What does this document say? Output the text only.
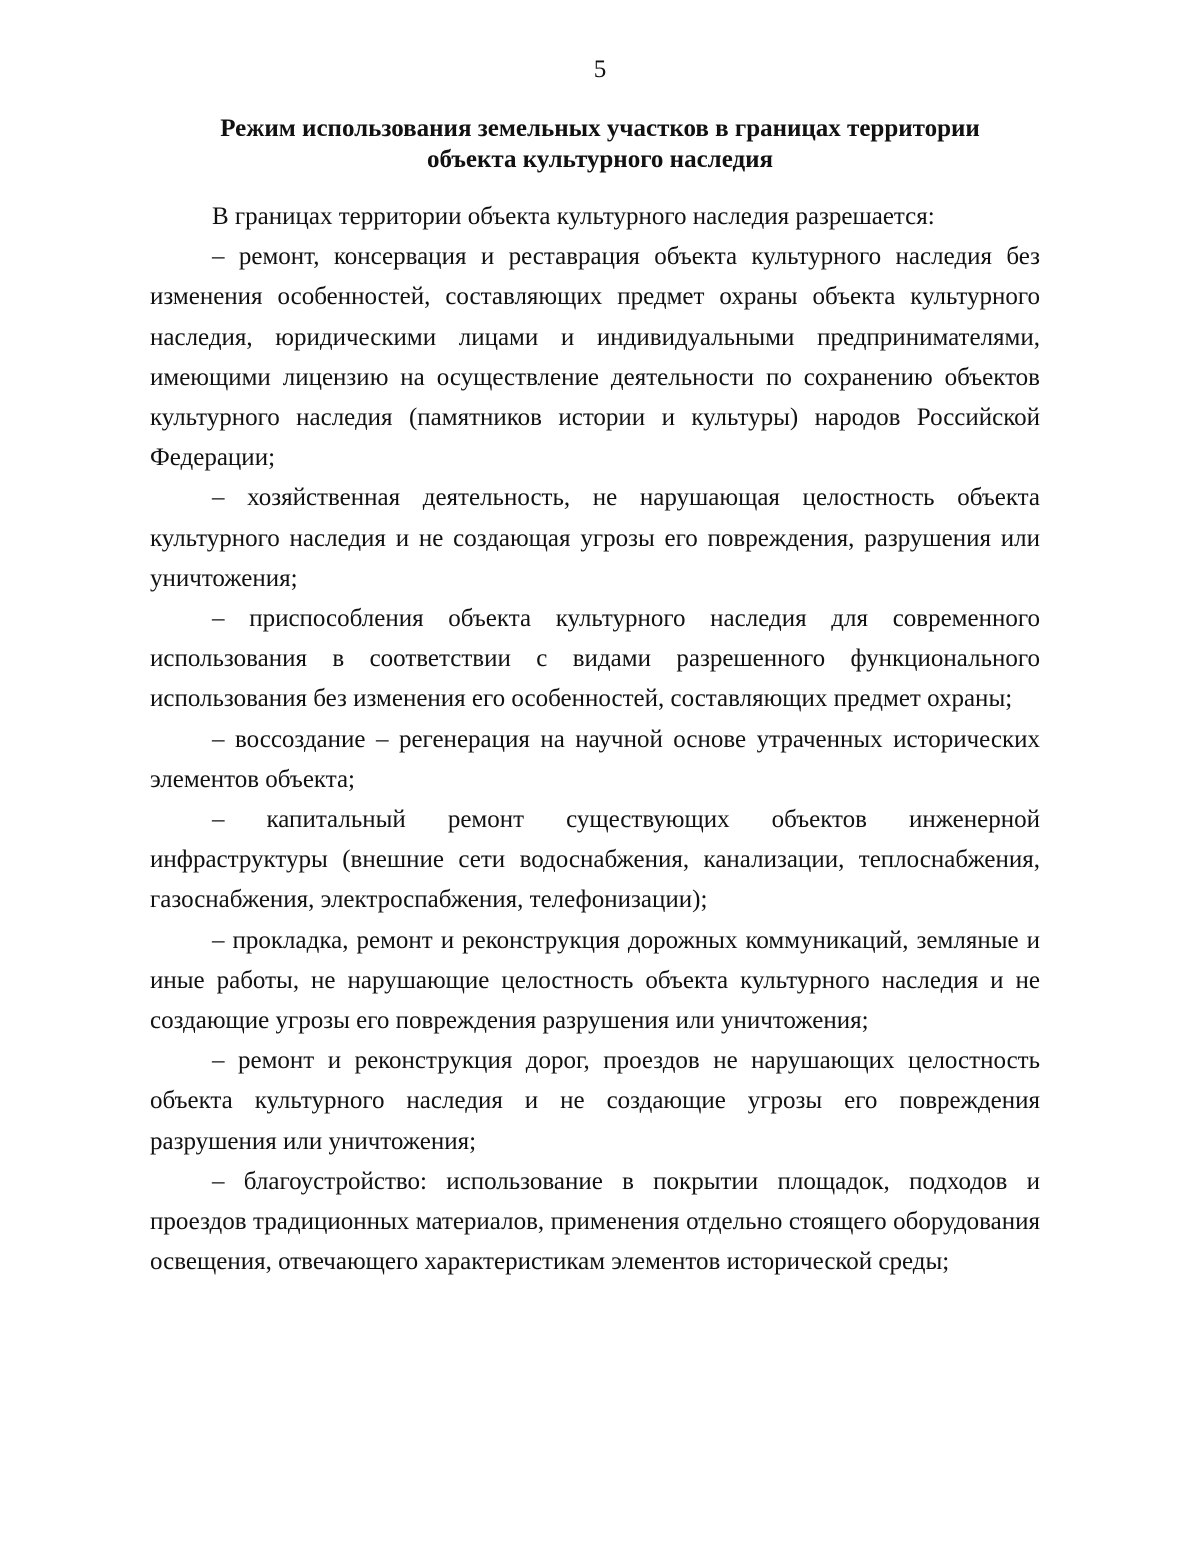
5
Режим использования земельных участков в границах территории
объекта культурного наследия

В границах территории объекта культурного наследия разрешается:

– ремонт, консервация и реставрация объекта культурного наследия без изменения особенностей, составляющих предмет охраны объекта культурного наследия, юридическими лицами и индивидуальными предпринимателями, имеющими лицензию на осуществление деятельности по сохранению объектов культурного наследия (памятников истории и культуры) народов Российской Федерации;

– хозяйственная деятельность, не нарушающая целостность объекта культурного наследия и не создающая угрозы его повреждения, разрушения или уничтожения;

– приспособления объекта культурного наследия для современного использования в соответствии с видами разрешенного функционального использования без изменения его особенностей, составляющих предмет охраны;

– воссоздание – регенерация на научной основе утраченных исторических элементов объекта;

– капитальный ремонт существующих объектов инженерной инфраструктуры (внешние сети водоснабжения, канализации, теплоснабжения, газоснабжения, электроспабжения, телефонизации);

– прокладка, ремонт и реконструкция дорожных коммуникаций, земляные и иные работы, не нарушающие целостность объекта культурного наследия и не создающие угрозы его повреждения разрушения или уничтожения;

– ремонт и реконструкция дорог, проездов не нарушающих целостность объекта культурного наследия и не создающие угрозы его повреждения разрушения или уничтожения;

– благоустройство: использование в покрытии площадок, подходов и проездов традиционных материалов, применения отдельно стоящего оборудования освещения, отвечающего характеристикам элементов исторической среды;
